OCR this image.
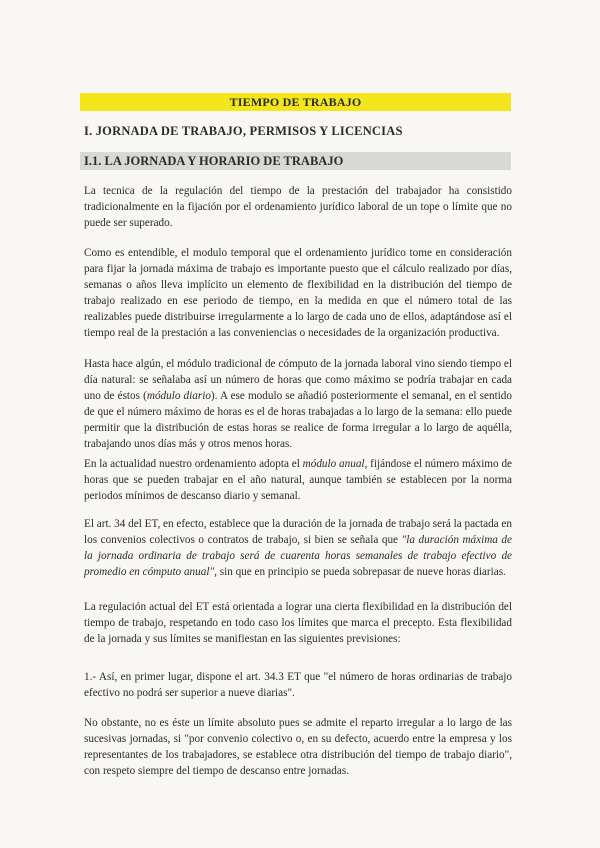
TIEMPO DE TRABAJO
I. JORNADA DE TRABAJO, PERMISOS Y LICENCIAS
I.1. LA JORNADA Y HORARIO DE TRABAJO
La tecnica de la regulación del tiempo de la prestación del trabajador ha consistido tradicionalmente en la fijación por el ordenamiento jurídico laboral de un tope o límite que no puede ser superado.
Como es entendible, el modulo temporal que el ordenamiento jurídico tome en consideración para fijar la jornada máxima de trabajo es importante puesto que el cálculo realizado por días, semanas o años lleva implícito un elemento de flexibilidad en la distribución del tiempo de trabajo realizado en ese periodo de tiempo, en la medida en que el número total de las realizables puede distribuirse irregularmente a lo largo de cada uno de ellos, adaptándose así el tiempo real de la prestación a las conveniencias o necesidades de la organización productiva.
Hasta hace algún, el módulo tradicional de cómputo de la jornada laboral vino siendo tiempo el día natural: se señalaba así un número de horas que como máximo se podría trabajar en cada uno de éstos (módulo diario). A ese modulo se añadió posteriormente el semanal, en el sentido de que el número máximo de horas es el de horas trabajadas a lo largo de la semana: ello puede permitir que la distribución de estas horas se realice de forma irregular a lo largo de aquélla, trabajando unos días más y otros menos horas.
En la actualidad nuestro ordenamiento adopta el módulo anual, fijándose el número máximo de horas que se pueden trabajar en el año natural, aunque también se establecen por la norma periodos mínimos de descanso diario y semanal.
El art. 34 del ET, en efecto, establece que la duración de la jornada de trabajo será la pactada en los convenios colectivos o contratos de trabajo, si bien se señala que "la duración máxima de la jornada ordinaria de trabajo será de cuarenta horas semanales de trabajo efectivo de promedio en cómputo anual", sin que en principio se pueda sobrepasar de nueve horas diarias.
La regulación actual del ET está orientada a lograr una cierta flexibilidad en la distribución del tiempo de trabajo, respetando en todo caso los límites que marca el precepto. Esta flexibilidad de la jornada y sus límites se manifiestan en las siguientes previsiones:
1.- Así, en primer lugar, dispone el art. 34.3 ET que "el número de horas ordinarias de trabajo efectivo no podrá ser superior a nueve diarias".
No obstante, no es éste un límite absoluto pues se admite el reparto irregular a lo largo de las sucesivas jornadas, si "por convenio colectivo o, en su defecto, acuerdo entre la empresa y los representantes de los trabajadores, se establece otra distribución del tiempo de trabajo diario", con respeto siempre del tiempo de descanso entre jornadas.
